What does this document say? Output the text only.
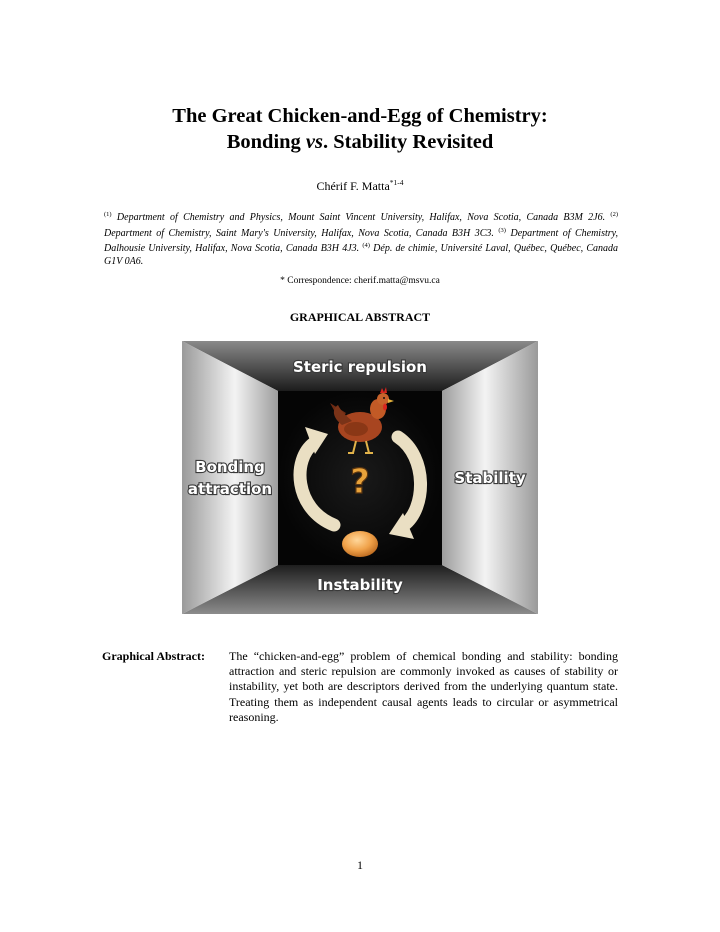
The Great Chicken-and-Egg of Chemistry:
Bonding vs. Stability Revisited
Chérif F. Matta$^{*1-4}$
$^{(1)}$ Department of Chemistry and Physics, Mount Saint Vincent University, Halifax, Nova Scotia, Canada B3M 2J6. $^{(2)}$ Department of Chemistry, Saint Mary's University, Halifax, Nova Scotia, Canada B3H 3C3. $^{(3)}$ Department of Chemistry, Dalhousie University, Halifax, Nova Scotia, Canada B3H 4J3. $^{(4)}$ Dép. de chimie, Université Laval, Québec, Québec, Canada G1V 0A6.
* Correspondence: cherif.matta@msvu.ca
GRAPHICAL ABSTRACT
?
Steric repulsion
Bonding
attraction
Stability
Instability
Graphical Abstract:	The “chicken-and-egg” problem of chemical bonding and stability: bonding attraction and steric repulsion are commonly invoked as causes of stability or instability, yet both are descriptors derived from the underlying quantum state. Treating them as independent causal agents leads to circular or asymmetrical reasoning.
1
